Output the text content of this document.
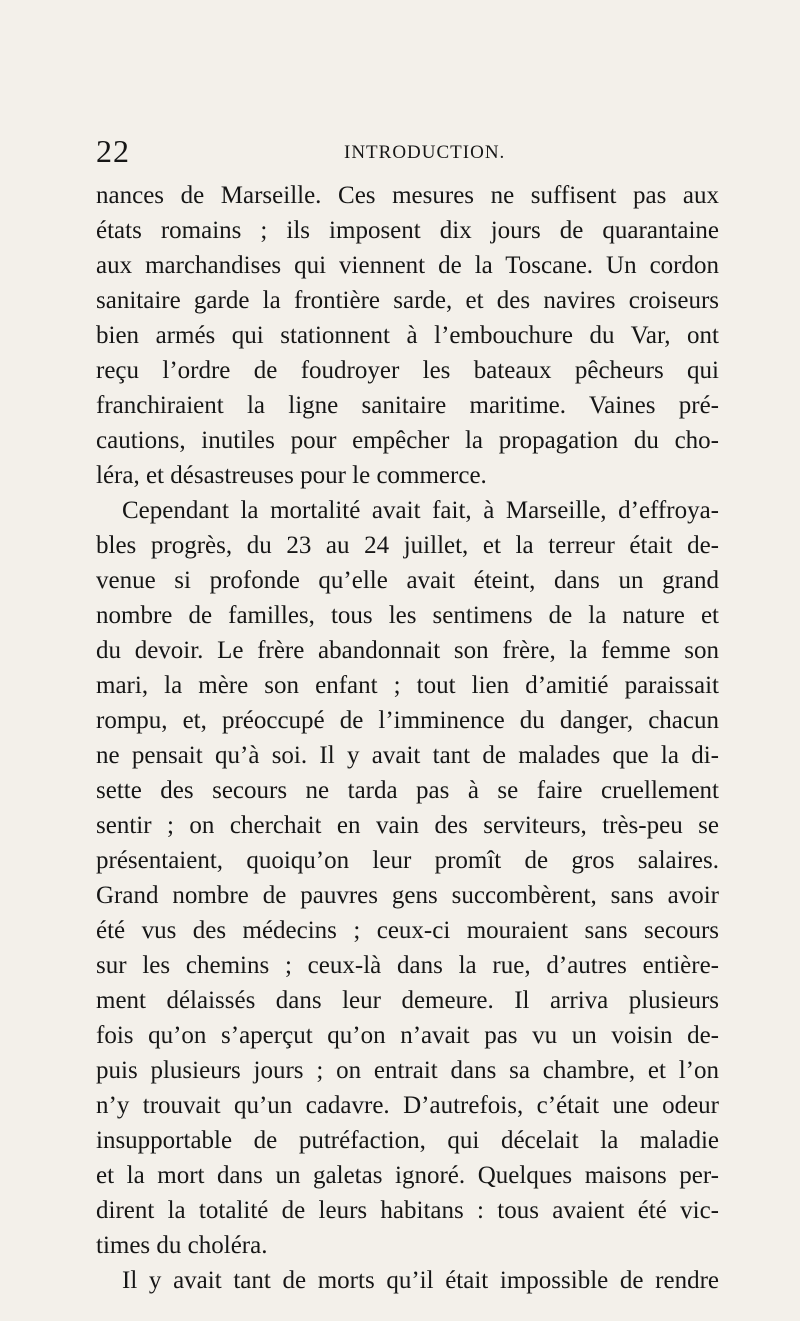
22	INTRODUCTION.
nances de Marseille. Ces mesures ne suffisent pas aux
états romains ; ils imposent dix jours de quarantaine
aux marchandises qui viennent de la Toscane. Un cordon
sanitaire garde la frontière sarde, et des navires croiseurs
bien armés qui stationnent à l’embouchure du Var, ont
reçu l’ordre de foudroyer les bateaux pêcheurs qui
franchiraient la ligne sanitaire maritime. Vaines pré-
cautions, inutiles pour empêcher la propagation du cho-
léra, et désastreuses pour le commerce.
Cependant la mortalité avait fait, à Marseille, d’effroya-
bles progrès, du 23 au 24 juillet, et la terreur était de-
venue si profonde qu’elle avait éteint, dans un grand
nombre de familles, tous les sentimens de la nature et
du devoir. Le frère abandonnait son frère, la femme son
mari, la mère son enfant ; tout lien d’amitié paraissait
rompu, et, préoccupé de l’imminence du danger, chacun
ne pensait qu’à soi. Il y avait tant de malades que la di-
sette des secours ne tarda pas à se faire cruellement
sentir ; on cherchait en vain des serviteurs, très-peu se
présentaient, quoiqu’on leur promît de gros salaires.
Grand nombre de pauvres gens succombèrent, sans avoir
été vus des médecins ; ceux-ci mouraient sans secours
sur les chemins ; ceux-là dans la rue, d’autres entière-
ment délaissés dans leur demeure. Il arriva plusieurs
fois qu’on s’aperçut qu’on n’avait pas vu un voisin de-
puis plusieurs jours ; on entrait dans sa chambre, et l’on
n’y trouvait qu’un cadavre. D’autrefois, c’était une odeur
insupportable de putréfaction, qui décelait la maladie
et la mort dans un galetas ignoré. Quelques maisons per-
dirent la totalité de leurs habitans : tous avaient été vic-
times du choléra.
Il y avait tant de morts qu’il était impossible de rendre
